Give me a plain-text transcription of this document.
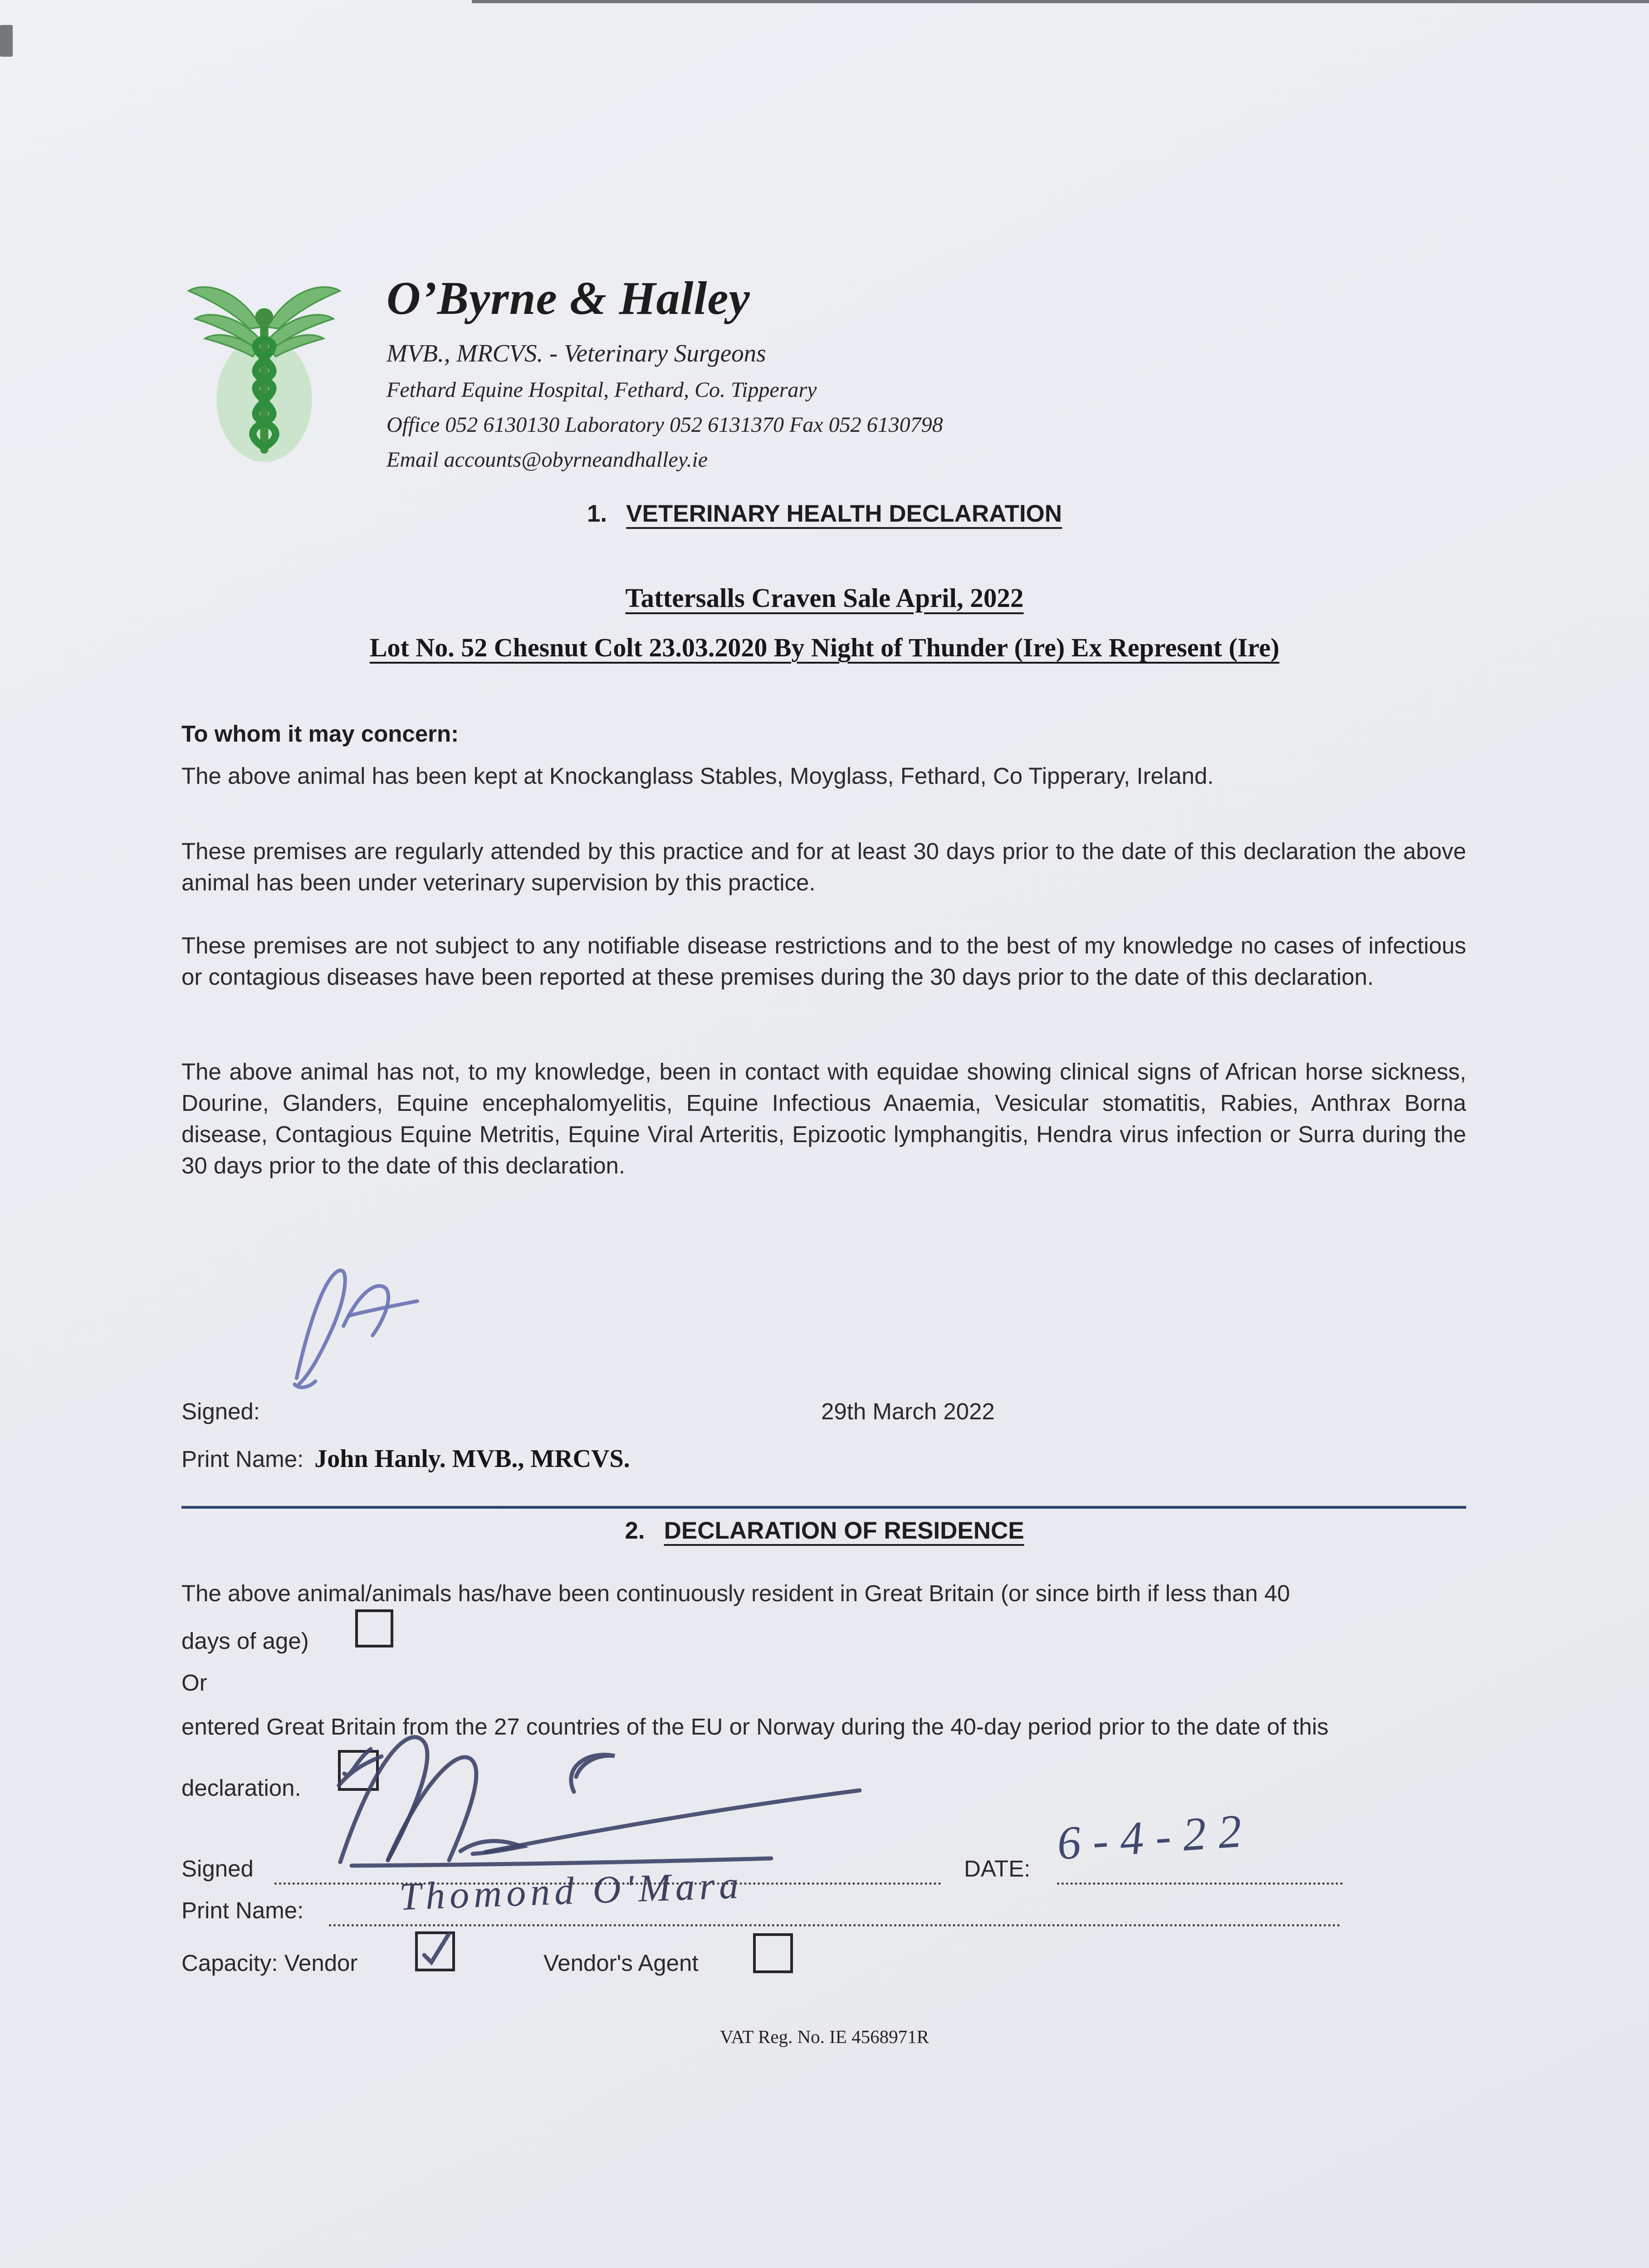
O’Byrne & Halley
MVB., MRCVS. - Veterinary Surgeons
Fethard Equine Hospital, Fethard, Co. Tipperary
Office 052 6130130 Laboratory 052 6131370 Fax 052 6130798
Email accounts@obyrneandhalley.ie
1. VETERINARY HEALTH DECLARATION
Tattersalls Craven Sale April, 2022
Lot No. 52 Chesnut Colt 23.03.2020 By Night of Thunder (Ire) Ex Represent (Ire)
To whom it may concern:
The above animal has been kept at Knockanglass Stables, Moyglass, Fethard, Co Tipperary, Ireland.
These premises are regularly attended by this practice and for at least 30 days prior to the date of this declaration the above animal has been under veterinary supervision by this practice.
These premises are not subject to any notifiable disease restrictions and to the best of my knowledge no cases of infectious or contagious diseases have been reported at these premises during the 30 days prior to the date of this declaration.
The above animal has not, to my knowledge, been in contact with equidae showing clinical signs of African horse sickness, Dourine, Glanders, Equine encephalomyelitis, Equine Infectious Anaemia, Vesicular stomatitis, Rabies, Anthrax Borna disease, Contagious Equine Metritis, Equine Viral Arteritis, Epizootic lymphangitis, Hendra virus infection or Surra during the 30 days prior to the date of this declaration.
Signed:	29th March 2022
Print Name: John Hanly. MVB., MRCVS.
2. DECLARATION OF RESIDENCE
The above animal/animals has/have been continuously resident in Great Britain (or since birth if less than 40
days of age)
Or
entered Great Britain from the 27 countries of the EU or Norway during the 40-day period prior to the date of this
declaration.
Signed	DATE: 6-4-22
Print Name: Thomond O'Mara
Capacity: Vendor	Vendor's Agent
VAT Reg. No. IE 4568971R
